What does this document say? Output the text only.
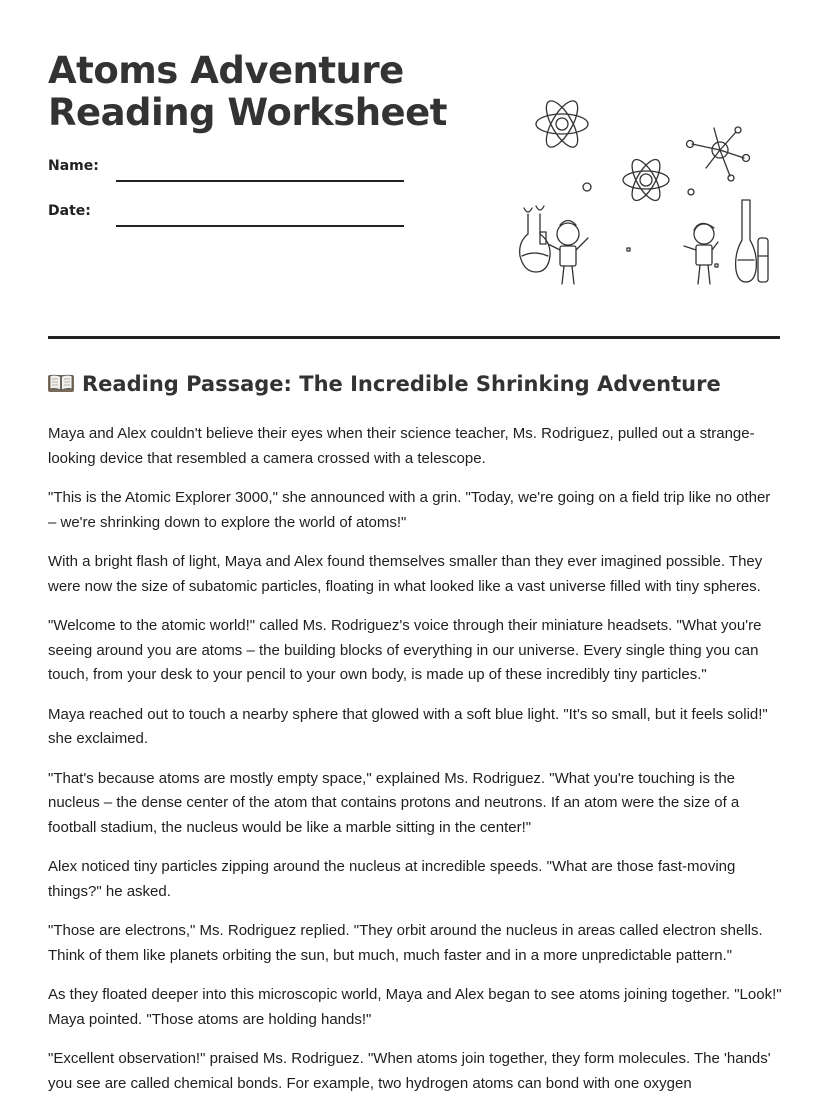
Atoms Adventure
Reading Worksheet
Name:
Date:
Reading Passage: The Incredible Shrinking Adventure

Maya and Alex couldn't believe their eyes when their science teacher, Ms. Rodriguez, pulled out a strange-looking device that resembled a camera crossed with a telescope.

"This is the Atomic Explorer 3000," she announced with a grin. "Today, we're going on a field trip like no other – we're shrinking down to explore the world of atoms!"

With a bright flash of light, Maya and Alex found themselves smaller than they ever imagined possible. They were now the size of subatomic particles, floating in what looked like a vast universe filled with tiny spheres.

"Welcome to the atomic world!" called Ms. Rodriguez's voice through their miniature headsets. "What you're seeing around you are atoms – the building blocks of everything in our universe. Every single thing you can touch, from your desk to your pencil to your own body, is made up of these incredibly tiny particles."

Maya reached out to touch a nearby sphere that glowed with a soft blue light. "It's so small, but it feels solid!" she exclaimed.

"That's because atoms are mostly empty space," explained Ms. Rodriguez. "What you're touching is the nucleus – the dense center of the atom that contains protons and neutrons. If an atom were the size of a football stadium, the nucleus would be like a marble sitting in the center!"

Alex noticed tiny particles zipping around the nucleus at incredible speeds. "What are those fast-moving things?" he asked.

"Those are electrons," Ms. Rodriguez replied. "They orbit around the nucleus in areas called electron shells. Think of them like planets orbiting the sun, but much, much faster and in a more unpredictable pattern."

As they floated deeper into this microscopic world, Maya and Alex began to see atoms joining together. "Look!" Maya pointed. "Those atoms are holding hands!"

"Excellent observation!" praised Ms. Rodriguez. "When atoms join together, they form molecules. The 'hands' you see are called chemical bonds. For example, two hydrogen atoms can bond with one oxygen
